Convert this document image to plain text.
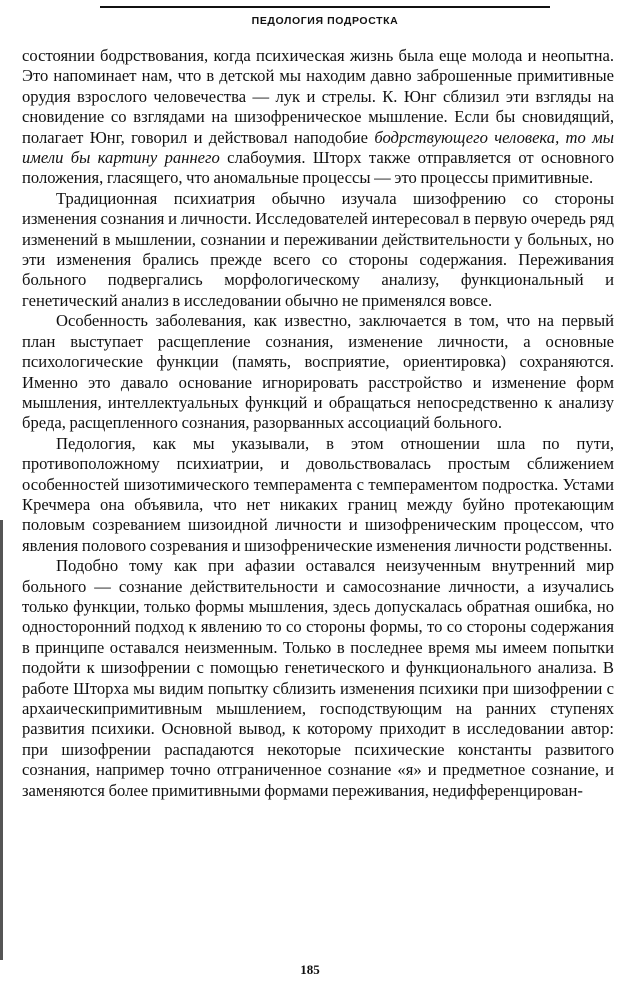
ПЕДОЛОГИЯ ПОДРОСТКА

состоянии бодрствования, когда психическая жизнь была еще молода и неопытна. Это напоминает нам, что в детской мы находим давно заброшенные примитивные орудия взрослого человечества — лук и стрелы. К. Юнг сблизил эти взгляды на сновидение со взглядами на шизофреническое мышление. Если бы сновидящий, полагает Юнг, говорил и действовал наподобие бодрствующего человека, то мы имели бы картину раннего слабоумия. Шторх также отправляется от основного положения, гласящего, что аномальные процессы — это процессы примитивные.

Традиционная психиатрия обычно изучала шизофрению со стороны изменения сознания и личности. Исследователей интересовал в первую очередь ряд изменений в мышлении, сознании и переживании действительности у больных, но эти изменения брались прежде всего со стороны содержания. Переживания больного подвергались морфологическому анализу, функциональный и генетический анализ в исследовании обычно не применялся вовсе.

Особенность заболевания, как известно, заключается в том, что на первый план выступает расщепление сознания, изменение личности, а основные психологические функции (память, восприятие, ориентировка) сохраняются. Именно это давало основание игнорировать расстройство и изменение форм мышления, интеллектуальных функций и обращаться непосредственно к анализу бреда, расщепленного сознания, разорванных ассоциаций больного.

Педология, как мы указывали, в этом отношении шла по пути, противоположному психиатрии, и довольствовалась простым сближением особенностей шизотимического темперамента с темпераментом подростка. Устами Кречмера она объявила, что нет никаких границ между буйно протекающим половым созреванием шизоидной личности и шизофреническим процессом, что явления полового созревания и шизофренические изменения личности родственны.

Подобно тому как при афазии оставался неизученным внутренний мир больного — сознание действительности и самосознание личности, а изучались только функции, только формы мышления, здесь допускалась обратная ошибка, но односторонний подход к явлению то со стороны формы, то со стороны содержания в принципе оставался неизменным. Только в последнее время мы имеем попытки подойти к шизофрении с помощью генетического и функционального анализа. В работе Шторха мы видим попытку сблизить изменения психики при шизофрении с архаическипримитивным мышлением, господствующим на ранних ступенях развития психики. Основной вывод, к которому приходит в исследовании автор: при шизофрении распадаются некоторые психические константы развитого сознания, например точно отграниченное сознание «я» и предметное сознание, и заменяются более примитивными формами переживания, недифференцирован-

185
